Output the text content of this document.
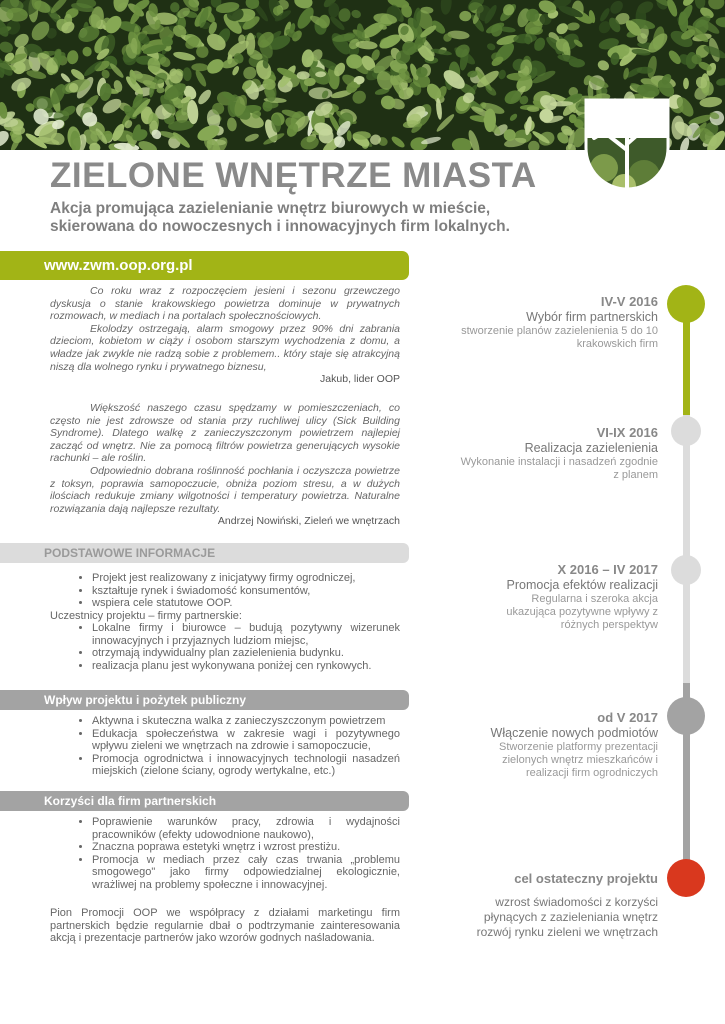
ZIELONE WNĘTRZE MIASTA

Akcja promująca zazielenianie wnętrz biurowych w mieście, skierowana do nowoczesnych i innowacyjnych firm lokalnych.

www.zwm.oop.org.pl

Co roku wraz z rozpoczęciem jesieni i sezonu grzewczego dyskusja o stanie krakowskiego powietrza dominuje w prywatnych rozmowach, w mediach i na portalach społecznościowych.

Ekolodzy ostrzegają, alarm smogowy przez 90% dni zabrania dzieciom, kobietom w ciąży i osobom starszym wychodzenia z domu, a władze jak zwykle nie radzą sobie z problemem.. który staje się atrakcyjną niszą dla wolnego rynku i prywatnego biznesu,

Jakub, lider OOP

Większość naszego czasu spędzamy w pomieszczeniach, co często nie jest zdrowsze od stania przy ruchliwej ulicy (Sick Building Syndrome). Dlatego walkę z zanieczyszczonym powietrzem najlepiej zacząć od wnętrz. Nie za pomocą filtrów powietrza generujących wysokie rachunki – ale roślin.

Odpowiednio dobrana roślinność pochłania i oczyszcza powietrze z toksyn, poprawia samopoczucie, obniża poziom stresu, a w dużych ilościach redukuje zmiany wilgotności i temperatury powietrza. Naturalne rozwiązania dają najlepsze rezultaty.

Andrzej Nowiński, Zieleń we wnętrzach

PODSTAWOWE INFORMACJE
• Projekt jest realizowany z inicjatywy firmy ogrodniczej,
• kształtuje rynek i świadomość konsumentów,
• wspiera cele statutowe OOP.

Uczestnicy projektu – firmy partnerskie:

• Lokalne firmy i biurowce – budują pozytywny wizerunek innowacyjnych i przyjaznych ludziom miejsc,
• otrzymają indywidualny plan zazielenienia budynku.
• realizacja planu jest wykonywana poniżej cen rynkowych.
Wpływ projektu i pożytek publiczny
• Aktywna i skuteczna walka z zanieczyszczonym powietrzem
• Edukacja społeczeństwa w zakresie wagi i pozytywnego wpływu zieleni we wnętrzach na zdrowie i samopoczucie,
• Promocja ogrodnictwa i innowacyjnych technologii nasadzeń miejskich (zielone ściany, ogrody wertykalne, etc.)
Korzyści dla firm partnerskich
• Poprawienie warunków pracy, zdrowia i wydajności pracowników (efekty udowodnione naukowo),
• Znaczna poprawa estetyki wnętrz i wzrost prestiżu.
• Promocja w mediach przez cały czas trwania „problemu smogowego" jako firmy odpowiedzialnej ekologicznie, wrażliwej na problemy społeczne i innowacyjnej.

Pion Promocji OOP we współpracy z działami marketingu firm partnerskich będzie regularnie dbał o podtrzymanie zainteresowania akcją i prezentacje partnerów jako wzorów godnych naśladowania.

IV-V 2016
Wybór firm partnerskich
stworzenie planów zazielenienia 5 do 10 krakowskich firm
VI-IX 2016
Realizacja zazielenienia
Wykonanie instalacji i nasadzeń zgodnie z planem
X 2016 – IV 2017
Promocja efektów realizacji
Regularna i szeroka akcja ukazująca pozytywne wpływy z różnych perspektyw
od V 2017
Włączenie nowych podmiotów
Stworzenie platformy prezentacji zielonych wnętrz mieszkańców i realizacji firm ogrodniczych
cel ostateczny projektu
wzrost świadomości z korzyści płynących z zazieleniania wnętrz rozwój rynku zieleni we wnętrzach
